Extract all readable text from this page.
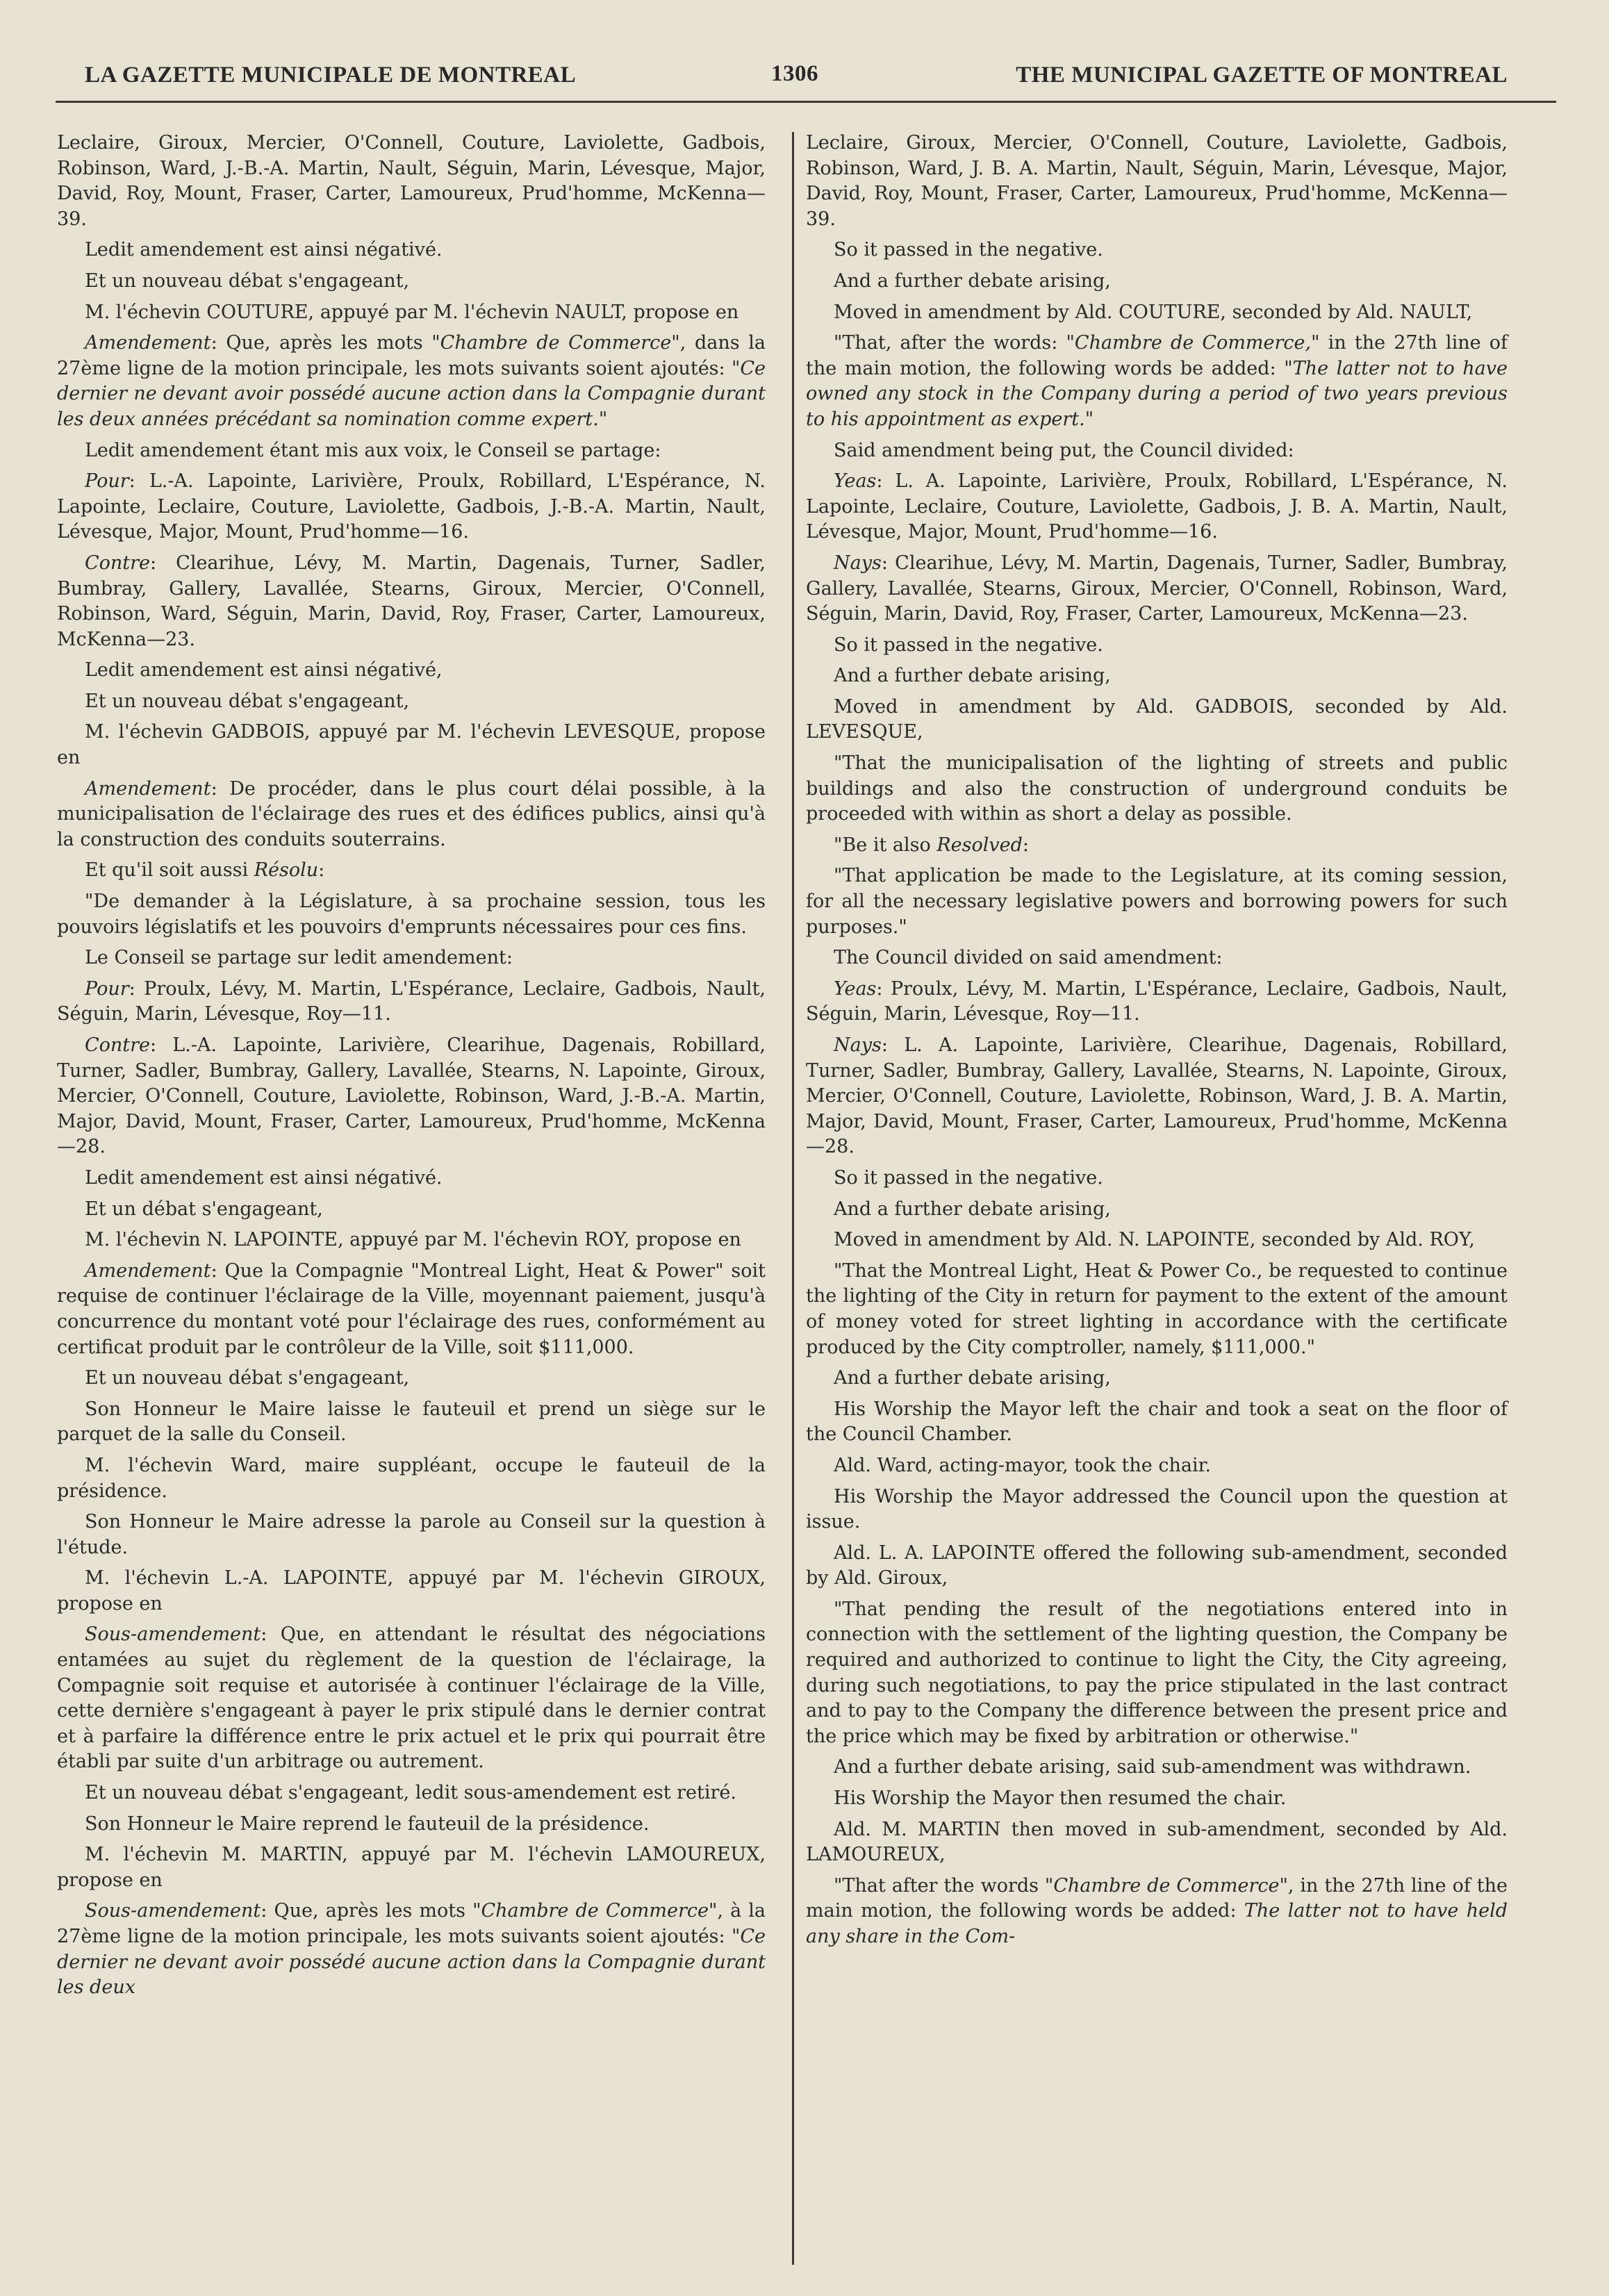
LA GAZETTE MUNICIPALE DE MONTREAL	1306	THE MUNICIPAL GAZETTE OF MONTREAL

Leclaire, Giroux, Mercier, O'Connell, Couture, Laviolette, Gadbois, Robinson, Ward, J.-B.-A. Martin, Nault, Séguin, Marin, Lévesque, Major, David, Roy, Mount, Fraser, Carter, Lamoureux, Prud'homme, McKenna—39.

Ledit amendement est ainsi négativé.

Et un nouveau débat s'engageant,

M. l'échevin COUTURE, appuyé par M. l'échevin NAULT, propose en

Amendement: Que, après les mots "Chambre de Commerce", dans la 27ème ligne de la motion principale, les mots suivants soient ajoutés: "Ce dernier ne devant avoir possédé aucune action dans la Compagnie durant les deux années précédant sa nomination comme expert."

Ledit amendement étant mis aux voix, le Conseil se partage:

Pour: L.-A. Lapointe, Larivière, Proulx, Robillard, L'Espérance, N. Lapointe, Leclaire, Couture, Laviolette, Gadbois, J.-B.-A. Martin, Nault, Lévesque, Major, Mount, Prud'homme—16.

Contre: Clearihue, Lévy, M. Martin, Dagenais, Turner, Sadler, Bumbray, Gallery, Lavallée, Stearns, Giroux, Mercier, O'Connell, Robinson, Ward, Séguin, Marin, David, Roy, Fraser, Carter, Lamoureux, McKenna—23.

Ledit amendement est ainsi négativé,

Et un nouveau débat s'engageant,

M. l'échevin GADBOIS, appuyé par M. l'échevin LEVESQUE, propose en

Amendement: De procéder, dans le plus court délai possible, à la municipalisation de l'éclairage des rues et des édifices publics, ainsi qu'à la construction des conduits souterrains.

Et qu'il soit aussi Résolu:

"De demander à la Législature, à sa prochaine session, tous les pouvoirs législatifs et les pouvoirs d'emprunts nécessaires pour ces fins.

Le Conseil se partage sur ledit amendement:

Pour: Proulx, Lévy, M. Martin, L'Espérance, Leclaire, Gadbois, Nault, Séguin, Marin, Lévesque, Roy—11.

Contre: L.-A. Lapointe, Larivière, Clearihue, Dagenais, Robillard, Turner, Sadler, Bumbray, Gallery, Lavallée, Stearns, N. Lapointe, Giroux, Mercier, O'Connell, Couture, Laviolette, Robinson, Ward, J.-B.-A. Martin, Major, David, Mount, Fraser, Carter, Lamoureux, Prud'homme, McKenna —28.

Ledit amendement est ainsi négativé.

Et un débat s'engageant,

M. l'échevin N. LAPOINTE, appuyé par M. l'échevin ROY, propose en

Amendement: Que la Compagnie "Montreal Light, Heat & Power" soit requise de continuer l'éclairage de la Ville, moyennant paiement, jusqu'à concurrence du montant voté pour l'éclairage des rues, conformément au certificat produit par le contrôleur de la Ville, soit $111,000.

Et un nouveau débat s'engageant,

Son Honneur le Maire laisse le fauteuil et prend un siège sur le parquet de la salle du Conseil.

M. l'échevin Ward, maire suppléant, occupe le fauteuil de la présidence.

Son Honneur le Maire adresse la parole au Conseil sur la question à l'étude.

M. l'échevin L.-A. LAPOINTE, appuyé par M. l'échevin GIROUX, propose en

Sous-amendement: Que, en attendant le résultat des négociations entamées au sujet du règlement de la question de l'éclairage, la Compagnie soit requise et autorisée à continuer l'éclairage de la Ville, cette dernière s'engageant à payer le prix stipulé dans le dernier contrat et à parfaire la différence entre le prix actuel et le prix qui pourrait être établi par suite d'un arbitrage ou autrement.

Et un nouveau débat s'engageant, ledit sous-amendement est retiré.

Son Honneur le Maire reprend le fauteuil de la présidence.

M. l'échevin M. MARTIN, appuyé par M. l'échevin LAMOUREUX, propose en

Sous-amendement: Que, après les mots "Chambre de Commerce", à la 27ème ligne de la motion principale, les mots suivants soient ajoutés: "Ce dernier ne devant avoir possédé aucune action dans la Compagnie durant les deux

Leclaire, Giroux, Mercier, O'Connell, Couture, Laviolette, Gadbois, Robinson, Ward, J. B. A. Martin, Nault, Séguin, Marin, Lévesque, Major, David, Roy, Mount, Fraser, Carter, Lamoureux, Prud'homme, McKenna—39.

So it passed in the negative.

And a further debate arising,

Moved in amendment by Ald. COUTURE, seconded by Ald. NAULT,

"That, after the words: "Chambre de Commerce," in the 27th line of the main motion, the following words be added: "The latter not to have owned any stock in the Company during a period of two years previous to his appointment as expert."

Said amendment being put, the Council divided:

Yeas: L. A. Lapointe, Larivière, Proulx, Robillard, L'Espérance, N. Lapointe, Leclaire, Couture, Laviolette, Gadbois, J. B. A. Martin, Nault, Lévesque, Major, Mount, Prud'homme—16.

Nays: Clearihue, Lévy, M. Martin, Dagenais, Turner, Sadler, Bumbray, Gallery, Lavallée, Stearns, Giroux, Mercier, O'Connell, Robinson, Ward, Séguin, Marin, David, Roy, Fraser, Carter, Lamoureux, McKenna—23.

So it passed in the negative.

And a further debate arising,

Moved in amendment by Ald. GADBOIS, seconded by Ald. LEVESQUE,

"That the municipalisation of the lighting of streets and public buildings and also the construction of underground conduits be proceeded with within as short a delay as possible.

"Be it also Resolved:

"That application be made to the Legislature, at its coming session, for all the necessary legislative powers and borrowing powers for such purposes."

The Council divided on said amendment:

Yeas: Proulx, Lévy, M. Martin, L'Espérance, Leclaire, Gadbois, Nault, Séguin, Marin, Lévesque, Roy—11.

Nays: L. A. Lapointe, Larivière, Clearihue, Dagenais, Robillard, Turner, Sadler, Bumbray, Gallery, Lavallée, Stearns, N. Lapointe, Giroux, Mercier, O'Connell, Couture, Laviolette, Robinson, Ward, J. B. A. Martin, Major, David, Mount, Fraser, Carter, Lamoureux, Prud'homme, McKenna—28.

So it passed in the negative.

And a further debate arising,

Moved in amendment by Ald. N. LAPOINTE, seconded by Ald. ROY,

"That the Montreal Light, Heat & Power Co., be requested to continue the lighting of the City in return for payment to the extent of the amount of money voted for street lighting in accordance with the certificate produced by the City comptroller, namely, $111,000."

And a further debate arising,

His Worship the Mayor left the chair and took a seat on the floor of the Council Chamber.

Ald. Ward, acting-mayor, took the chair.

His Worship the Mayor addressed the Council upon the question at issue.

Ald. L. A. LAPOINTE offered the following sub-amendment, seconded by Ald. Giroux,

"That pending the result of the negotiations entered into in connection with the settlement of the lighting question, the Company be required and authorized to continue to light the City, the City agreeing, during such negotiations, to pay the price stipulated in the last contract and to pay to the Company the difference between the present price and the price which may be fixed by arbitration or otherwise."

And a further debate arising, said sub-amendment was withdrawn.

His Worship the Mayor then resumed the chair.

Ald. M. MARTIN then moved in sub-amendment, seconded by Ald. LAMOUREUX,

"That after the words "Chambre de Commerce", in the 27th line of the main motion, the following words be added: The latter not to have held any share in the Com-
